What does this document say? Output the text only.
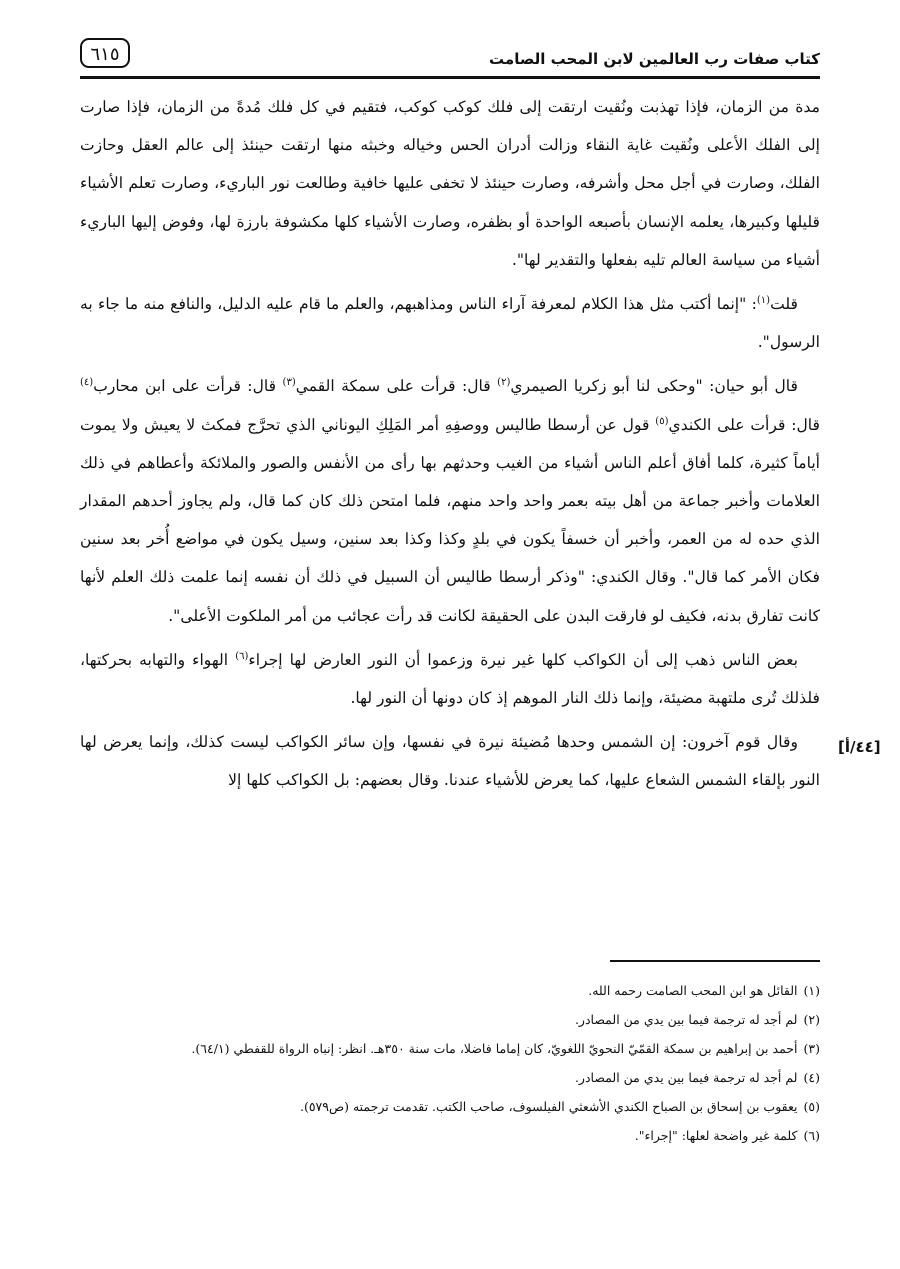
كتاب صفات رب العالمين لابن المحب الصامت
٦١٥

مدة من الزمان، فإذا تهذبت ونُقيت ارتقت إلى فلك كوكب كوكب، فتقيم في كل فلك مُدةً من الزمان، فإذا صارت إلى الفلك الأعلى ونُقيت غاية النقاء وزالت أدران الحس وخياله وخبثه منها ارتقت حينئذ إلى عالم العقل وحازت الفلك، وصارت في أجل محل وأشرفه، وصارت حينئذ لا تخفى عليها خافية وطالعت نور الباريء، وصارت تعلم الأشياء قليلها وكبيرها، يعلمه الإنسان بأصبعه الواحدة أو بظفره، وصارت الأشياء كلها مكشوفة بارزة لها، وفوض إليها الباريء أشياء من سياسة العالم تليه بفعلها والتقدير لها".

قلت$^{(١)}$: "إنما أكتب مثل هذا الكلام لمعرفة آراء الناس ومذاهبهم، والعلم ما قام عليه الدليل، والنافع منه ما جاء به الرسول".

قال أبو حيان: "وحكى لنا أبو زكريا الصيمري$^{(٢)}$ قال: قرأت على سمكة القمي$^{(٣)}$ قال: قرأت على ابن محارب$^{(٤)}$ قال: قرأت على الكندي$^{(٥)}$ قول عن أرسطا طاليس ووصفِهِ أمر المَلِكِ اليوناني الذي تحرَّج فمكث لا يعيش ولا يموت أياماً كثيرة، كلما أفاق أعلم الناس أشياء من الغيب وحدثهم بها رأى من الأنفس والصور والملائكة وأعطاهم في ذلك العلامات وأخبر جماعة من أهل بيته بعمر واحد واحد منهم، فلما امتحن ذلك كان كما قال، ولم يجاوز أحدهم المقدار الذي حده له من العمر، وأخبر أن خسفاً يكون في بلدٍ وكذا وكذا بعد سنين، وسيل يكون في مواضع أُخر بعد سنين فكان الأمر كما قال". وقال الكندي: "وذكر أرسطا طاليس أن السبيل في ذلك أن نفسه إنما علمت ذلك العلم لأنها كانت تفارق بدنه، فكيف لو فارقت البدن على الحقيقة لكانت قد رأت عجائب من أمر الملكوت الأعلى".

بعض الناس ذهب إلى أن الكواكب كلها غير نيرة وزعموا أن النور العارض لها إجراء$^{(٦)}$ الهواء والتهابه بحركتها، فلذلك تُرى ملتهبة مضيئة، وإنما ذلك النار الموهم إذ كان دونها أن النور لها.

وقال قوم آخرون: إن الشمس وحدها مُضيئة نيرة في نفسها، وإن سائر الكواكب ليست كذلك، وإنما يعرض لها النور بإلقاء الشمس الشعاع عليها، كما يعرض للأشياء عندنا. وقال بعضهم: بل الكواكب كلها إلا

[٤٤/أ]

(١)القائل هو ابن المحب الصامت رحمه الله.

(٢)لم أجد له ترجمة فيما بين يدي من المصادر.

(٣)أحمد بن إبراهيم بن سمكة القمّيّ النحويّ اللغويّ، كان إماما فاضلا، مات سنة ٣٥٠هـ. انظر: إنباه الرواة للقفطي (٦٤/١).

(٤)لم أجد له ترجمة فيما بين يدي من المصادر.

(٥)يعقوب بن إسحاق بن الصباح الكندي الأشعثي الفيلسوف، صاحب الكتب. تقدمت ترجمته (ص٥٧٩).

(٦)كلمة غير واضحة لعلها: "إجراء".
